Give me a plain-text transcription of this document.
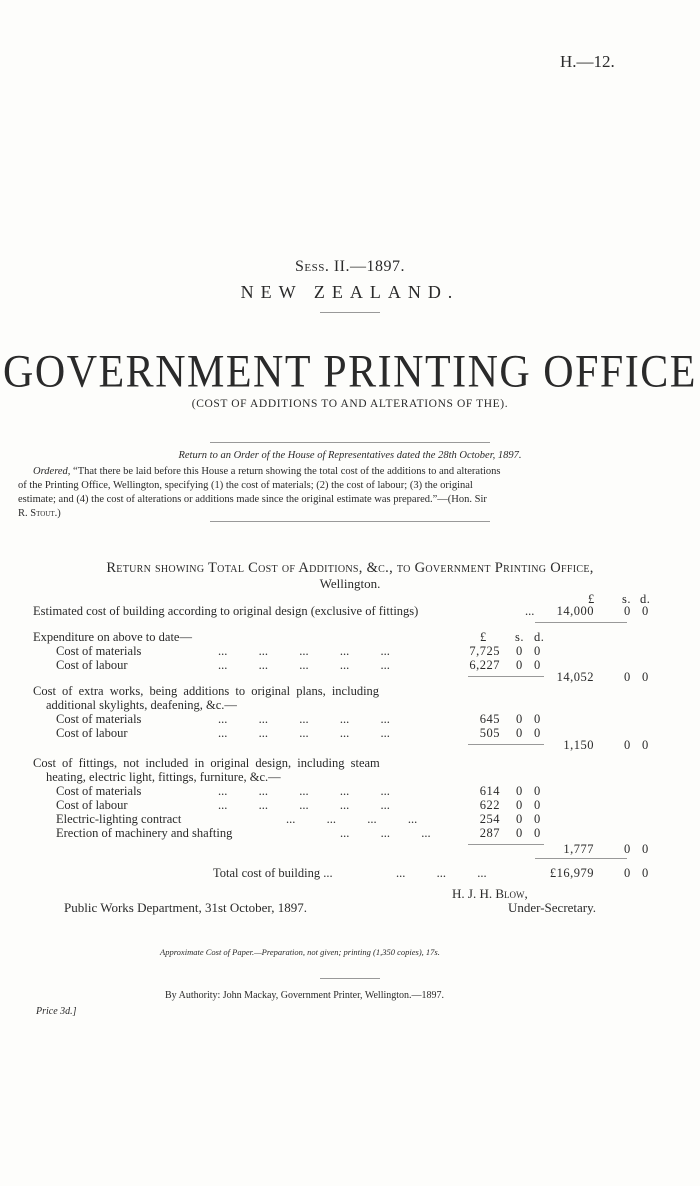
H.—12.
Sess. II.—1897.
NEW ZEALAND.
GOVERNMENT PRINTING OFFICE
(COST OF ADDITIONS TO AND ALTERATIONS OF THE).
Return to an Order of the House of Representatives dated the 28th October, 1897.
Ordered, “That there be laid before this House a return showing the total cost of the additions to and alterations
of the Printing Office, Wellington, specifying (1) the cost of materials; (2) the cost of labour; (3) the original
estimate; and (4) the cost of alterations or additions made since the original estimate was prepared.”—(Hon. Sir
R. Stout.)
Return showing Total Cost of Additions, &c., to Government Printing Office,
Wellington.
£ s. d.
Estimated cost of building according to original design (exclusive of fittings)	...	14,000 0 0
Expenditure on above to date—	£ s. d.
Cost of materials	...          ...          ...          ...          ...	7,725 0 0
Cost of labour	...          ...          ...          ...          ...	6,227 0 0
14,052 0 0
Cost of extra works, being additions to original plans, including
additional skylights, deafening, &c.—
Cost of materials	...          ...          ...          ...          ...	645 0 0
Cost of labour	...          ...          ...          ...          ...	505 0 0
1,150 0 0
Cost of fittings, not included in original design, including steam
heating, electric light, fittings, furniture, &c.—
Cost of materials	...          ...          ...          ...          ...	614 0 0
Cost of labour	...          ...          ...          ...          ...	622 0 0
Electric-lighting contract	...          ...          ...          ...	254 0 0
Erection of machinery and shafting	...          ...          ...	287 0 0
1,777 0 0
Total cost of building ...	...          ...          ...	£16,979 0 0
H. J. H. Blow,
Under-Secretary.
Public Works Department, 31st October, 1897.
Approximate Cost of Paper.—Preparation, not given; printing (1,350 copies), 17s.
By Authority: John Mackay, Government Printer, Wellington.—1897.
Price 3d.]
